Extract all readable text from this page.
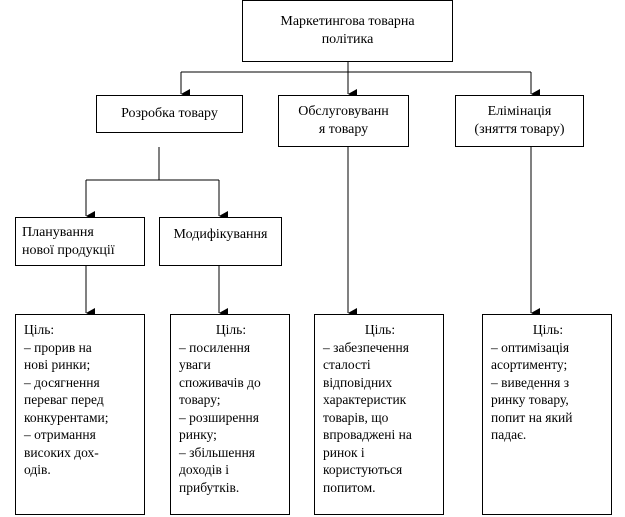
Маркетингова товарна
політика
Розробка товару	Обслуговуванн
я товару
Елімінація
(зняття товару)
Планування
нової продукції
Модифікування
Ціль:
– прорив на
нові ринки;
– досягнення
переваг перед
конкурентами;
– отримання
високих дох-
одів.
Ціль:
– посилення
уваги
споживачів до
товару;
– розширення
ринку;
– збільшення
доходів і
прибутків.
Ціль:
– забезпечення
сталості
відповідних
характеристик
товарів, що
впроваджені на
ринок і
користуються
попитом.
Ціль:
– оптимізація
асортименту;
– виведення з
ринку товару,
попит на який
падає.
